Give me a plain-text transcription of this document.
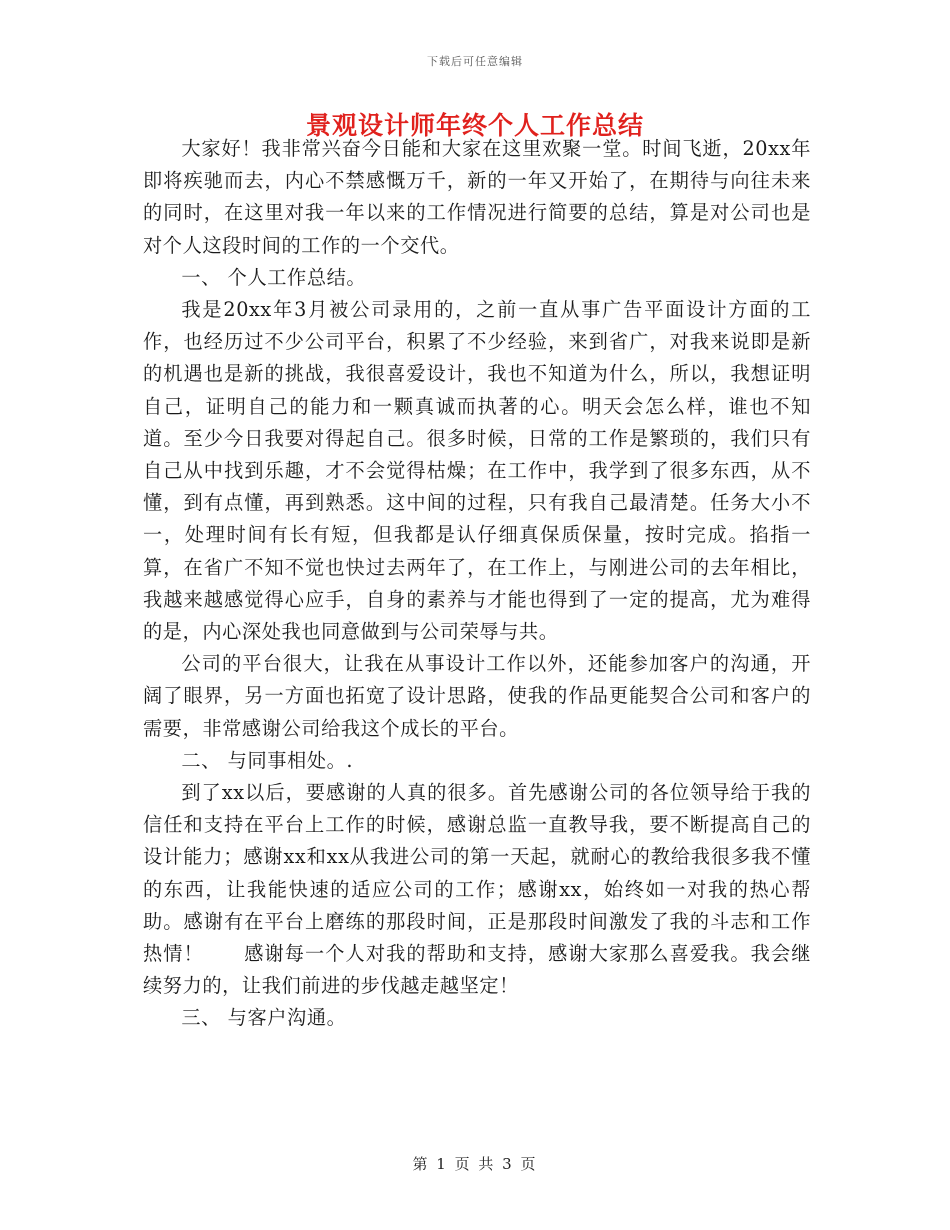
下载后可任意编辑
景观设计师年终个人工作总结

大家好！我非常兴奋今日能和大家在这里欢聚一堂。时间飞逝，20xx年即将疾驰而去，内心不禁感慨万千，新的一年又开始了，在期待与向往未来的同时，在这里对我一年以来的工作情况进行简要的总结，算是对公司也是对个人这段时间的工作的一个交代。

一、 个人工作总结。

我是20xx年3月被公司录用的，之前一直从事广告平面设计方面的工作，也经历过不少公司平台，积累了不少经验，来到省广，对我来说即是新的机遇也是新的挑战，我很喜爱设计，我也不知道为什么，所以，我想证明自己，证明自己的能力和一颗真诚而执著的心。明天会怎么样，谁也不知道。至少今日我要对得起自己。很多时候，日常的工作是繁琐的，我们只有自己从中找到乐趣，才不会觉得枯燥；在工作中，我学到了很多东西，从不懂，到有点懂，再到熟悉。这中间的过程，只有我自己最清楚。任务大小不一，处理时间有长有短，但我都是认仔细真保质保量，按时完成。掐指一算，在省广不知不觉也快过去两年了，在工作上，与刚进公司的去年相比，我越来越感觉得心应手，自身的素养与才能也得到了一定的提高，尤为难得的是，内心深处我也同意做到与公司荣辱与共。

公司的平台很大，让我在从事设计工作以外，还能参加客户的沟通，开阔了眼界，另一方面也拓宽了设计思路，使我的作品更能契合公司和客户的需要，非常感谢公司给我这个成长的平台。

二、 与同事相处。.

到了xx以后，要感谢的人真的很多。首先感谢公司的各位领导给于我的信任和支持在平台上工作的时候，感谢总监一直教导我，要不断提高自己的设计能力；感谢xx和xx从我进公司的第一天起，就耐心的教给我很多我不懂的东西，让我能快速的适应公司的工作；感谢xx，始终如一对我的热心帮助。感谢有在平台上磨练的那段时间，正是那段时间激发了我的斗志和工作热情！　　感谢每一个人对我的帮助和支持，感谢大家那么喜爱我。我会继续努力的，让我们前进的步伐越走越坚定！

三、 与客户沟通。

第 1 页 共 3 页
